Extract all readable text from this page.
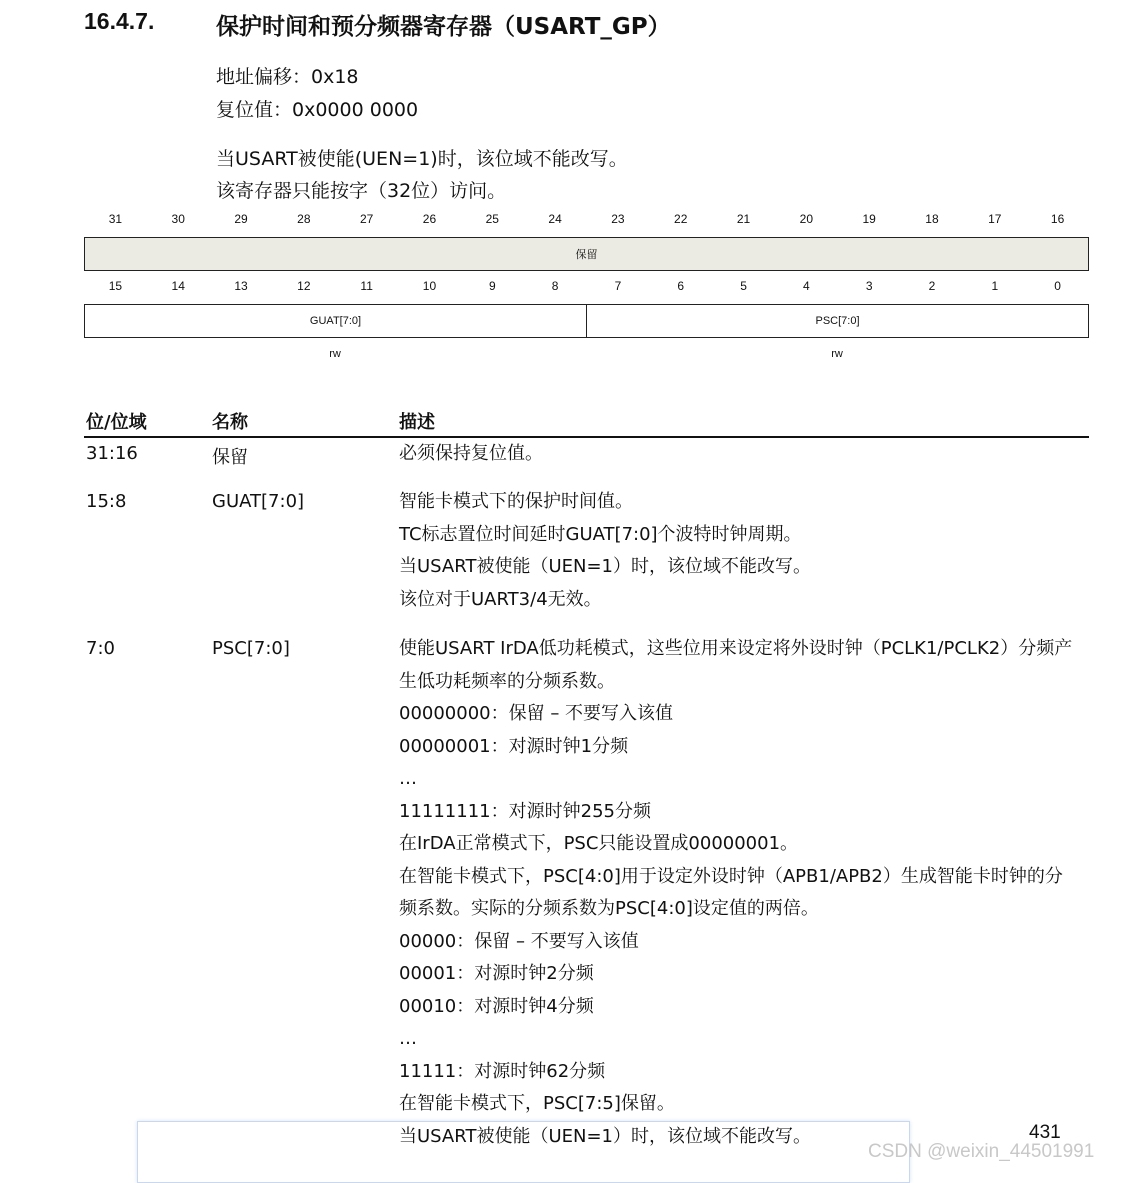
16.4.7.	保护时间和预分频器寄存器（USART_GP）
地址偏移：0x18
复位值：0x0000 0000
当USART被使能(UEN=1)时，该位域不能改写。
该寄存器只能按字（32位）访问。
31	30	29	28	27	26	25	24	23	22	21	20	19	18	17	16
保留
15	14	13	12	11	10	9	8	7	6	5	4	3	2	1	0
GUAT[7:0]	PSC[7:0]
rw	rw
位/位域	名称	描述
31:16	保留	必须保持复位值。
15:8	GUAT[7:0]	智能卡模式下的保护时间值。
TC标志置位时间延时GUAT[7:0]个波特时钟周期。
当USART被使能（UEN=1）时，该位域不能改写。
该位对于UART3/4无效。
7:0	PSC[7:0]	使能USART IrDA低功耗模式，这些位用来设定将外设时钟（PCLK1/PCLK2）分频产
生低功耗频率的分频系数。
00000000：保留 – 不要写入该值
00000001：对源时钟1分频
…
11111111：对源时钟255分频
在IrDA正常模式下，PSC只能设置成00000001。
在智能卡模式下，PSC[4:0]用于设定外设时钟（APB1/APB2）生成智能卡时钟的分
频系数。实际的分频系数为PSC[4:0]设定值的两倍。
00000：保留 – 不要写入该值
00001：对源时钟2分频
00010：对源时钟4分频
…
11111：对源时钟62分频
在智能卡模式下，PSC[7:5]保留。
当USART被使能（UEN=1）时，该位域不能改写。	431
CSDN @weixin_44501991
